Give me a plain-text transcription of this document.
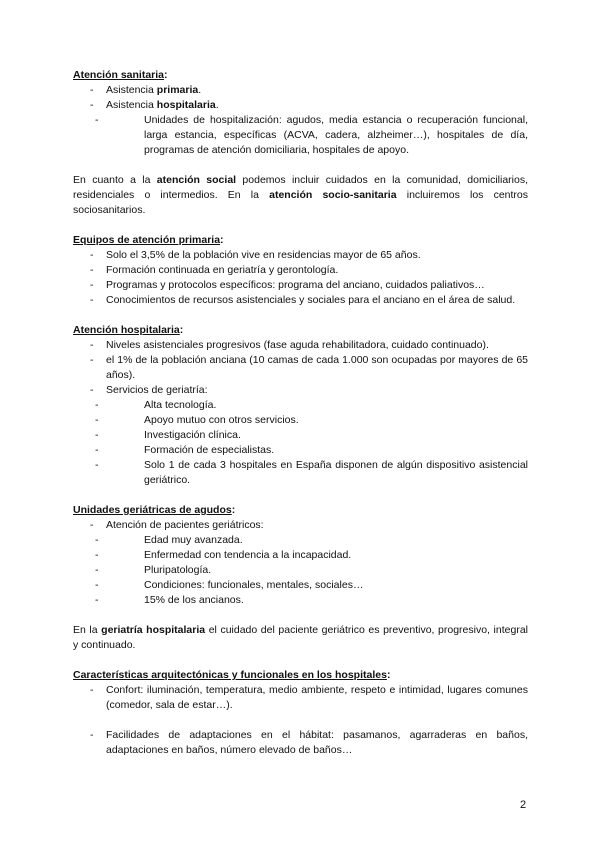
Atención sanitaria:
- Asistencia primaria.
- Asistencia hospitalaria.
- Unidades de hospitalización: agudos, media estancia o recuperación funcional, larga estancia, específicas (ACVA, cadera, alzheimer…), hospitales de día, programas de atención domiciliaria, hospitales de apoyo.

En cuanto a la atención social podemos incluir cuidados en la comunidad, domiciliarios, residenciales o intermedios. En la atención socio-sanitaria incluiremos los centros sociosanitarios.

Equipos de atención primaria:
- Solo el 3,5% de la población vive en residencias mayor de 65 años.
- Formación continuada en geriatría y gerontología.
- Programas y protocolos específicos: programa del anciano, cuidados paliativos…
- Conocimientos de recursos asistenciales y sociales para el anciano en el área de salud.
Atención hospitalaria:
- Niveles asistenciales progresivos (fase aguda rehabilitadora, cuidado continuado).
- el 1% de la población anciana (10 camas de cada 1.000 son ocupadas por mayores de 65 años).
- Servicios de geriatría:
- Alta tecnología.
- Apoyo mutuo con otros servicios.
- Investigación clínica.
- Formación de especialistas.
- Solo 1 de cada 3 hospitales en España disponen de algún dispositivo asistencial geriátrico.
Unidades geriátricas de agudos:
- Atención de pacientes geriátricos:
- Edad muy avanzada.
- Enfermedad con tendencia a la incapacidad.
- Pluripatología.
- Condiciones: funcionales, mentales, sociales…
- 15% de los ancianos.

En la geriatría hospitalaria el cuidado del paciente geriátrico es preventivo, progresivo, integral y continuado.

Características arquitectónicas y funcionales en los hospitales:
- Confort: iluminación, temperatura, medio ambiente, respeto e intimidad, lugares comunes (comedor, sala de estar…).
- Facilidades de adaptaciones en el hábitat: pasamanos, agarraderas en baños, adaptaciones en baños, número elevado de baños…
2
